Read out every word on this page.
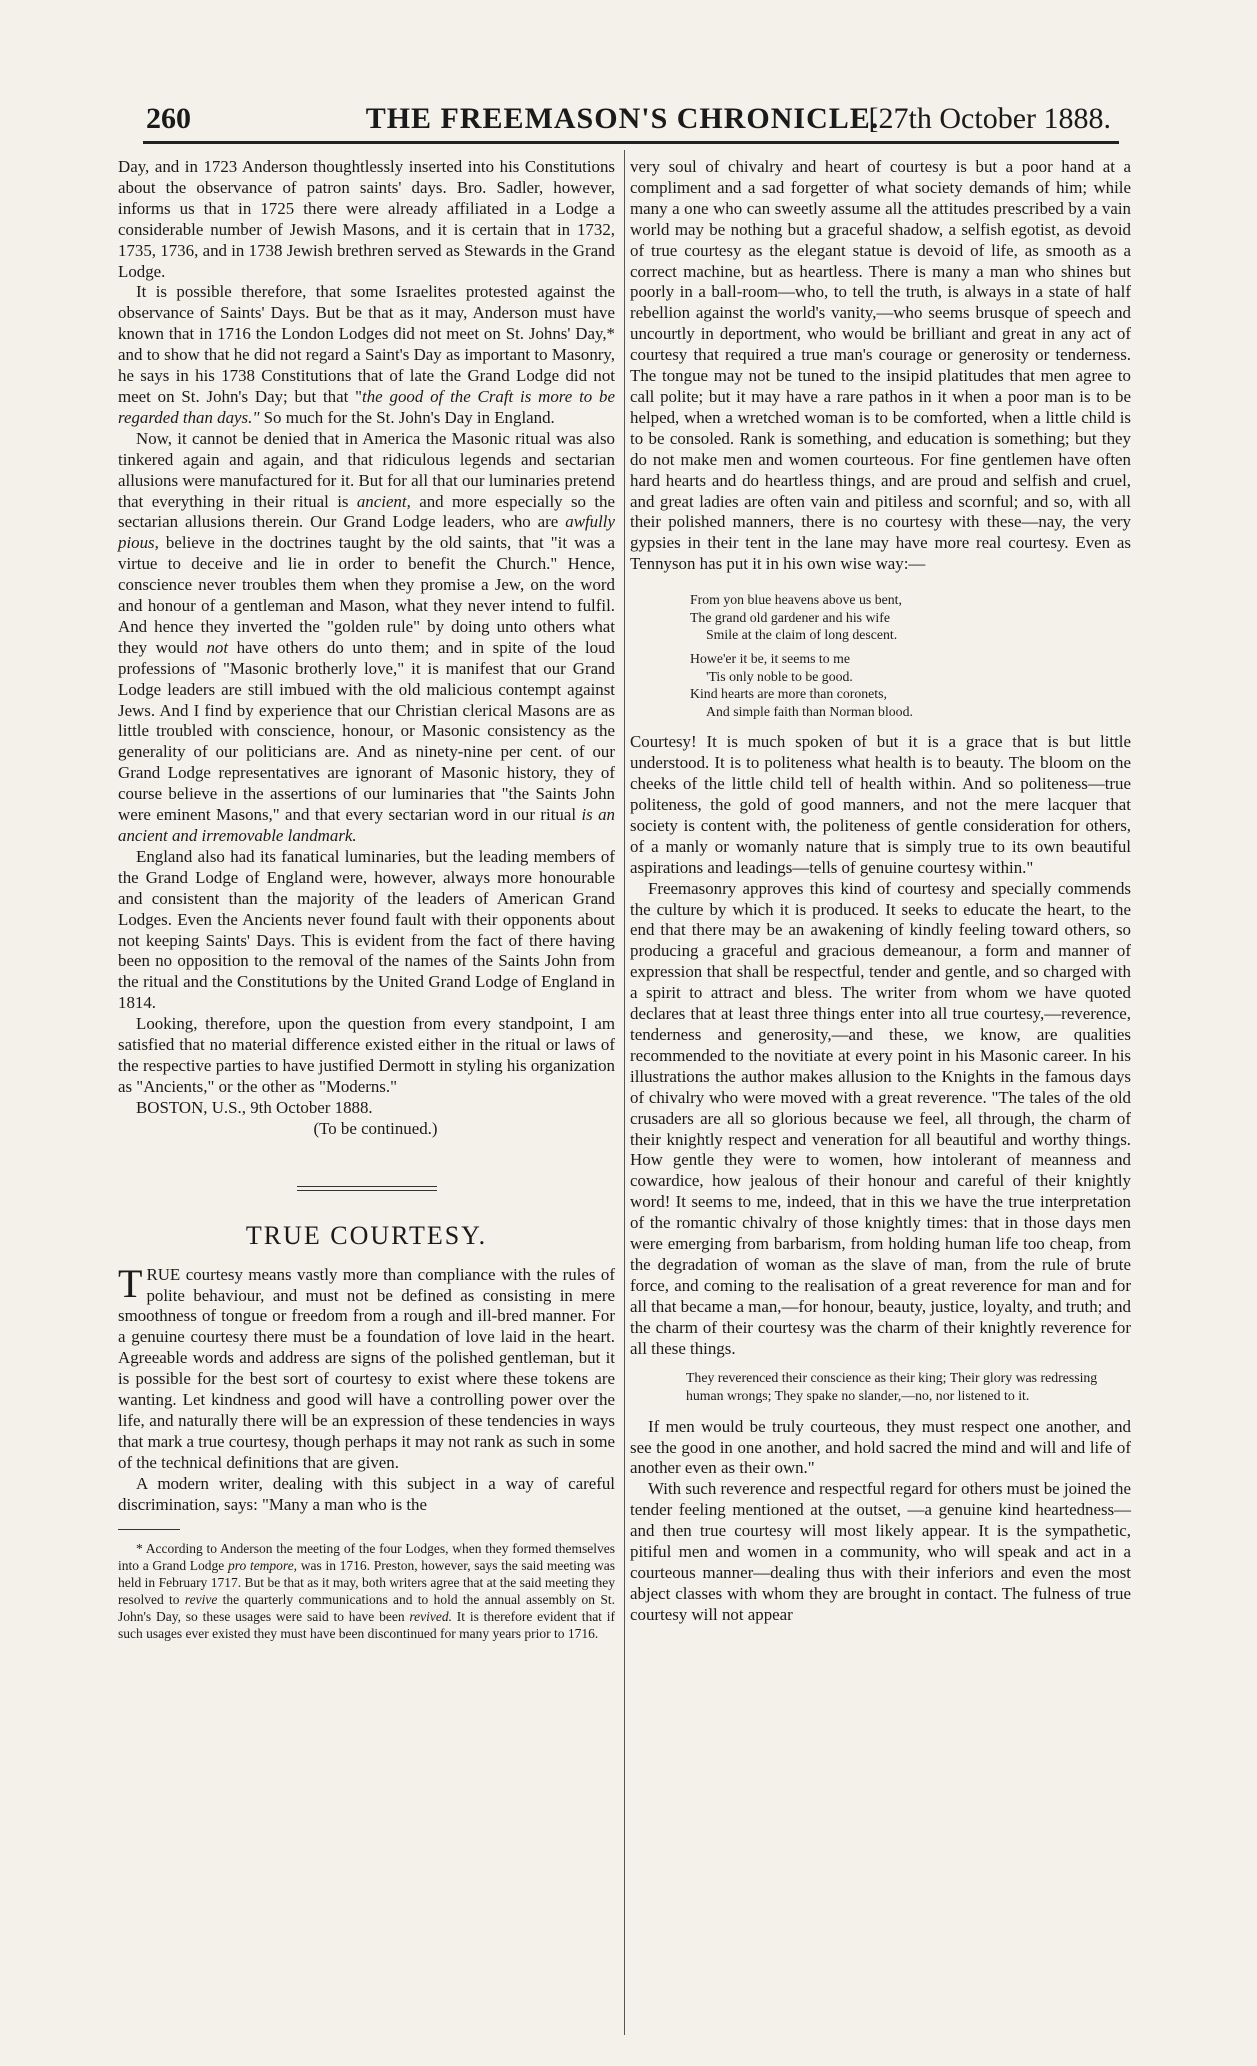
260	THE FREEMASON'S CHRONICLE.
[27th October 1888.

Day, and in 1723 Anderson thoughtlessly inserted into his Constitutions about the observance of patron saints' days. Bro. Sadler, however, informs us that in 1725 there were already affiliated in a Lodge a considerable number of Jewish Masons, and it is certain that in 1732, 1735, 1736, and in 1738 Jewish brethren served as Stewards in the Grand Lodge.

It is possible therefore, that some Israelites protested against the observance of Saints' Days. But be that as it may, Anderson must have known that in 1716 the London Lodges did not meet on St. Johns' Day,* and to show that he did not regard a Saint's Day as important to Masonry, he says in his 1738 Constitutions that of late the Grand Lodge did not meet on St. John's Day; but that "the good of the Craft is more to be regarded than days." So much for the St. John's Day in England.

Now, it cannot be denied that in America the Masonic ritual was also tinkered again and again, and that ridiculous legends and sectarian allusions were manufactured for it. But for all that our luminaries pretend that everything in their ritual is ancient, and more especially so the sectarian allusions therein. Our Grand Lodge leaders, who are awfully pious, believe in the doctrines taught by the old saints, that "it was a virtue to deceive and lie in order to benefit the Church." Hence, conscience never troubles them when they promise a Jew, on the word and honour of a gentleman and Mason, what they never intend to fulfil. And hence they inverted the "golden rule" by doing unto others what they would not have others do unto them; and in spite of the loud professions of "Masonic brotherly love," it is manifest that our Grand Lodge leaders are still imbued with the old malicious contempt against Jews. And I find by experience that our Christian clerical Masons are as little troubled with conscience, honour, or Masonic consistency as the generality of our politicians are. And as ninety-nine per cent. of our Grand Lodge representatives are ignorant of Masonic history, they of course believe in the assertions of our luminaries that "the Saints John were eminent Masons," and that every sectarian word in our ritual is an ancient and irremovable landmark.

England also had its fanatical luminaries, but the leading members of the Grand Lodge of England were, however, always more honourable and consistent than the majority of the leaders of American Grand Lodges. Even the Ancients never found fault with their opponents about not keeping Saints' Days. This is evident from the fact of there having been no opposition to the removal of the names of the Saints John from the ritual and the Constitutions by the United Grand Lodge of England in 1814.

Looking, therefore, upon the question from every standpoint, I am satisfied that no material difference existed either in the ritual or laws of the respective parties to have justified Dermott in styling his organization as "Ancients," or the other as "Moderns."

BOSTON, U.S., 9th October 1888.

(To be continued.)

TRUE COURTESY.

TRUE courtesy means vastly more than compliance with the rules of polite behaviour, and must not be defined as consisting in mere smoothness of tongue or freedom from a rough and ill-bred manner. For a genuine courtesy there must be a foundation of love laid in the heart. Agreeable words and address are signs of the polished gentleman, but it is possible for the best sort of courtesy to exist where these tokens are wanting. Let kindness and good will have a controlling power over the life, and naturally there will be an expression of these tendencies in ways that mark a true courtesy, though perhaps it may not rank as such in some of the technical definitions that are given.

A modern writer, dealing with this subject in a way of careful discrimination, says: "Many a man who is the

* According to Anderson the meeting of the four Lodges, when they formed themselves into a Grand Lodge pro tempore, was in 1716. Preston, however, says the said meeting was held in February 1717. But be that as it may, both writers agree that at the said meeting they resolved to revive the quarterly communications and to hold the annual assembly on St. John's Day, so these usages were said to have been revived. It is therefore evident that if such usages ever existed they must have been discontinued for many years prior to 1716.

very soul of chivalry and heart of courtesy is but a poor hand at a compliment and a sad forgetter of what society demands of him; while many a one who can sweetly assume all the attitudes prescribed by a vain world may be nothing but a graceful shadow, a selfish egotist, as devoid of true courtesy as the elegant statue is devoid of life, as smooth as a correct machine, but as heartless. There is many a man who shines but poorly in a ball-room—who, to tell the truth, is always in a state of half rebellion against the world's vanity,—who seems brusque of speech and uncourtly in deportment, who would be brilliant and great in any act of courtesy that required a true man's courage or generosity or tenderness. The tongue may not be tuned to the insipid platitudes that men agree to call polite; but it may have a rare pathos in it when a poor man is to be helped, when a wretched woman is to be comforted, when a little child is to be consoled. Rank is something, and education is something; but they do not make men and women courteous. For fine gentlemen have often hard hearts and do heartless things, and are proud and selfish and cruel, and great ladies are often vain and pitiless and scornful; and so, with all their polished manners, there is no courtesy with these—nay, the very gypsies in their tent in the lane may have more real courtesy. Even as Tennyson has put it in his own wise way:—

From yon blue heavens above us bent,
The grand old gardener and his wife
Smile at the claim of long descent.
Howe'er it be, it seems to me
'Tis only noble to be good.
Kind hearts are more than coronets,
And simple faith than Norman blood.

Courtesy! It is much spoken of but it is a grace that is but little understood. It is to politeness what health is to beauty. The bloom on the cheeks of the little child tell of health within. And so politeness—true politeness, the gold of good manners, and not the mere lacquer that society is content with, the politeness of gentle consideration for others, of a manly or womanly nature that is simply true to its own beautiful aspirations and leadings—tells of genuine courtesy within."

Freemasonry approves this kind of courtesy and specially commends the culture by which it is produced. It seeks to educate the heart, to the end that there may be an awakening of kindly feeling toward others, so producing a graceful and gracious demeanour, a form and manner of expression that shall be respectful, tender and gentle, and so charged with a spirit to attract and bless. The writer from whom we have quoted declares that at least three things enter into all true courtesy,—reverence, tenderness and generosity,—and these, we know, are qualities recommended to the novitiate at every point in his Masonic career. In his illustrations the author makes allusion to the Knights in the famous days of chivalry who were moved with a great reverence. "The tales of the old crusaders are all so glorious because we feel, all through, the charm of their knightly respect and veneration for all beautiful and worthy things. How gentle they were to women, how intolerant of meanness and cowardice, how jealous of their honour and careful of their knightly word! It seems to me, indeed, that in this we have the true interpretation of the romantic chivalry of those knightly times: that in those days men were emerging from barbarism, from holding human life too cheap, from the degradation of woman as the slave of man, from the rule of brute force, and coming to the realisation of a great reverence for man and for all that became a man,—for honour, beauty, justice, loyalty, and truth; and the charm of their courtesy was the charm of their knightly reverence for all these things.

They reverenced their conscience as their king; Their glory was redressing human wrongs; They spake no slander,—no, nor listened to it.

If men would be truly courteous, they must respect one another, and see the good in one another, and hold sacred the mind and will and life of another even as their own."

With such reverence and respectful regard for others must be joined the tender feeling mentioned at the outset, —a genuine kind heartedness—and then true courtesy will most likely appear. It is the sympathetic, pitiful men and women in a community, who will speak and act in a courteous manner—dealing thus with their inferiors and even the most abject classes with whom they are brought in contact. The fulness of true courtesy will not appear
